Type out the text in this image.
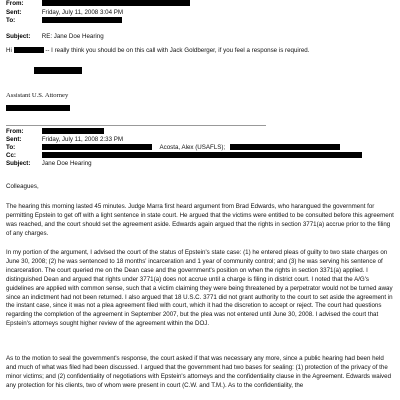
From:
Sent:	Friday, July 11, 2008 3:04 PM
To:
Subject: RE: Jane Doe Hearing
Hi	-- I really think you should be on this call with Jack Goldberger, if you feel a response is required.
Assistant U.S. Attorney
From:
Sent:	Friday, July 11, 2008 2:33 PM
To:	Acosta, Alex (USAFLS);
Cc:
Subject: Jane Doe Hearing
Colleagues,
The hearing this morning lasted 45 minutes. Judge Marra first heard argument from Brad Edwards, who harangued the government for permitting Epstein to get off with a light sentence in state court. He argued that the victims were entitled to be consulted before this agreement was reached, and the court should set the agreement aside. Edwards again argued that the rights in section 3771(a) accrue prior to the filing of any charges.
In my portion of the argument, I advised the court of the status of Epstein's state case: (1) he entered pleas of guilty to two state charges on June 30, 2008; (2) he was sentenced to 18 months' incarceration and 1 year of community control; and (3) he was serving his sentence of incarceration. The court queried me on the Dean case and the government's position on when the rights in section 3371(a) applied. I distinguished Dean and argued that rights under 3771(a) does not accrue until a charge is filing in district court. I noted that the A/G's guidelines are applied with common sense, such that a victim claiming they were being threatened by a perpetrator would not be turned away since an indictment had not been returned. I also argued that 18 U.S.C. 3771 did not grant authority to the court to set aside the agreement in the instant case, since it was not a plea agreement filed with court, which it had the discretion to accept or reject. The court had questions regarding the completion of the agreement in September 2007, but the plea was not entered until June 30, 2008. I advised the court that Epstein's attorneys sought higher review of the agreement within the DOJ.
As to the motion to seal the government's response, the court asked if that was necessary any more, since a public hearing had been held and much of what was filed had been discussed. I argued that the government had two bases for sealing: (1) protection of the privacy of the minor victims; and (2) confidentiality of negotiations with Epstein's attorneys and the confidentiality clause in the Agreement. Edwards waived any protection for his clients, two of whom were present in court (C.W. and T.M.). As to the confidentiality, the
